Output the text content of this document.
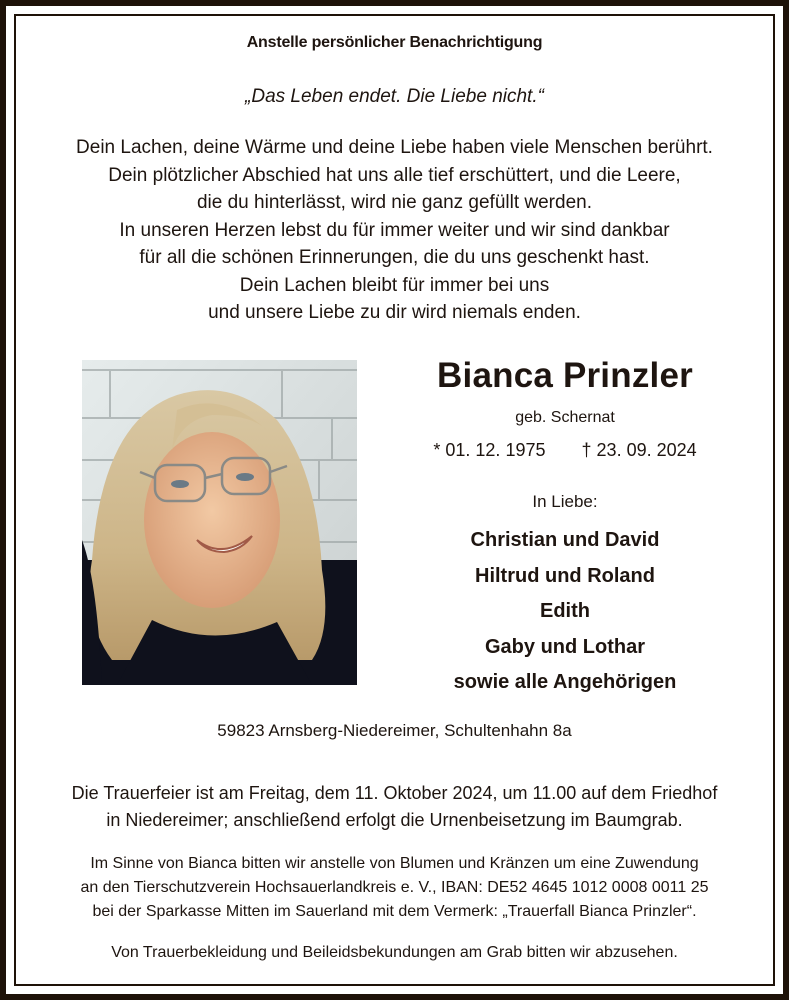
Anstelle persönlicher Benachrichtigung
„Das Leben endet. Die Liebe nicht.“
Dein Lachen, deine Wärme und deine Liebe haben viele Menschen berührt.
Dein plötzlicher Abschied hat uns alle tief erschüttert, und die Leere,
die du hinterlässt, wird nie ganz gefüllt werden.
In unseren Herzen lebst du für immer weiter und wir sind dankbar
für all die schönen Erinnerungen, die du uns geschenkt hast.
Dein Lachen bleibt für immer bei uns
und unsere Liebe zu dir wird niemals enden.
Bianca Prinzler
geb. Schernat
* 01. 12. 1975 † 23. 09. 2024
In Liebe:
Christian und David
Hiltrud und Roland
Edith
Gaby und Lothar
sowie alle Angehörigen
59823 Arnsberg-Niedereimer, Schultenhahn 8a
Die Trauerfeier ist am Freitag, dem 11. Oktober 2024, um 11.00 auf dem Friedhof
in Niedereimer; anschließend erfolgt die Urnenbeisetzung im Baumgrab.
Im Sinne von Bianca bitten wir anstelle von Blumen und Kränzen um eine Zuwendung
an den Tierschutzverein Hochsauerlandkreis e. V., IBAN: DE52 4645 1012 0008 0011 25
bei der Sparkasse Mitten im Sauerland mit dem Vermerk: „Trauerfall Bianca Prinzler“.
Von Trauerbekleidung und Beileidsbekundungen am Grab bitten wir abzusehen.
